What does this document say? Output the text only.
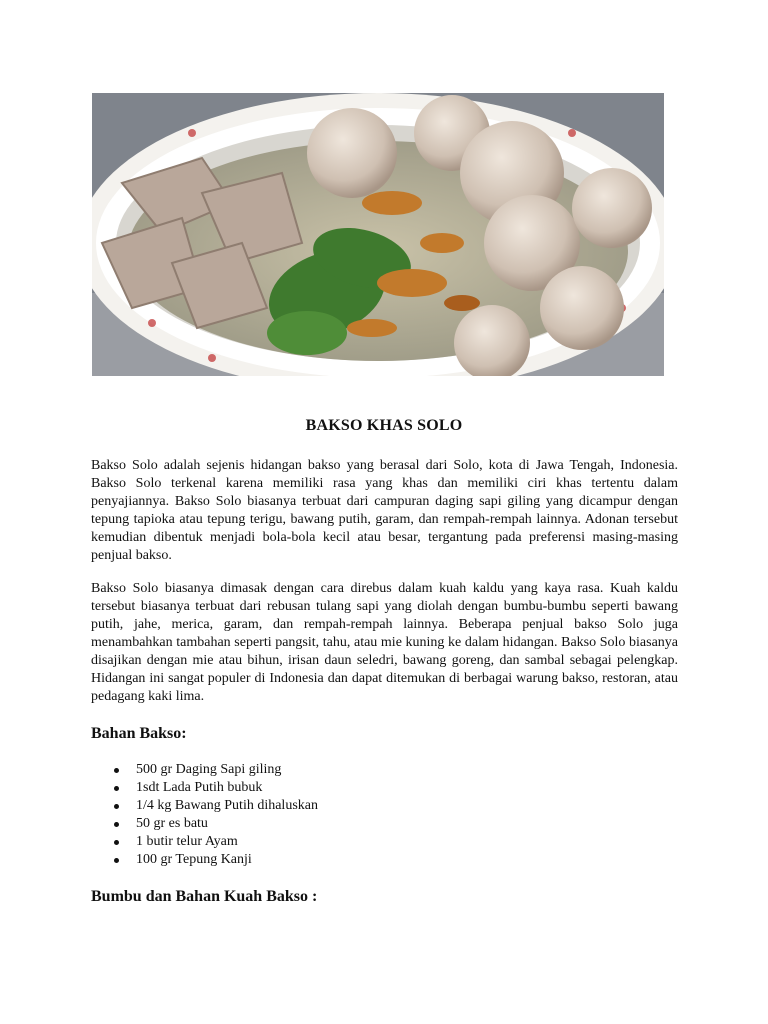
BAKSO KHAS SOLO

Bakso Solo adalah sejenis hidangan bakso yang berasal dari Solo, kota di Jawa Tengah, Indonesia. Bakso Solo terkenal karena memiliki rasa yang khas dan memiliki ciri khas tertentu dalam penyajiannya. Bakso Solo biasanya terbuat dari campuran daging sapi giling yang dicampur dengan tepung tapioka atau tepung terigu, bawang putih, garam, dan rempah-rempah lainnya. Adonan tersebut kemudian dibentuk menjadi bola-bola kecil atau besar, tergantung pada preferensi masing-masing penjual bakso.

Bakso Solo biasanya dimasak dengan cara direbus dalam kuah kaldu yang kaya rasa. Kuah kaldu tersebut biasanya terbuat dari rebusan tulang sapi yang diolah dengan bumbu-bumbu seperti bawang putih, jahe, merica, garam, dan rempah-rempah lainnya. Beberapa penjual bakso Solo juga menambahkan tambahan seperti pangsit, tahu, atau mie kuning ke dalam hidangan. Bakso Solo biasanya disajikan dengan mie atau bihun, irisan daun seledri, bawang goreng, dan sambal sebagai pelengkap. Hidangan ini sangat populer di Indonesia dan dapat ditemukan di berbagai warung bakso, restoran, atau pedagang kaki lima.

Bahan Bakso:
500 gr Daging Sapi giling
1sdt Lada Putih bubuk
1/4 kg Bawang Putih dihaluskan
50 gr es batu
1 butir telur Ayam
100 gr Tepung Kanji
Bumbu dan Bahan Kuah Bakso :
